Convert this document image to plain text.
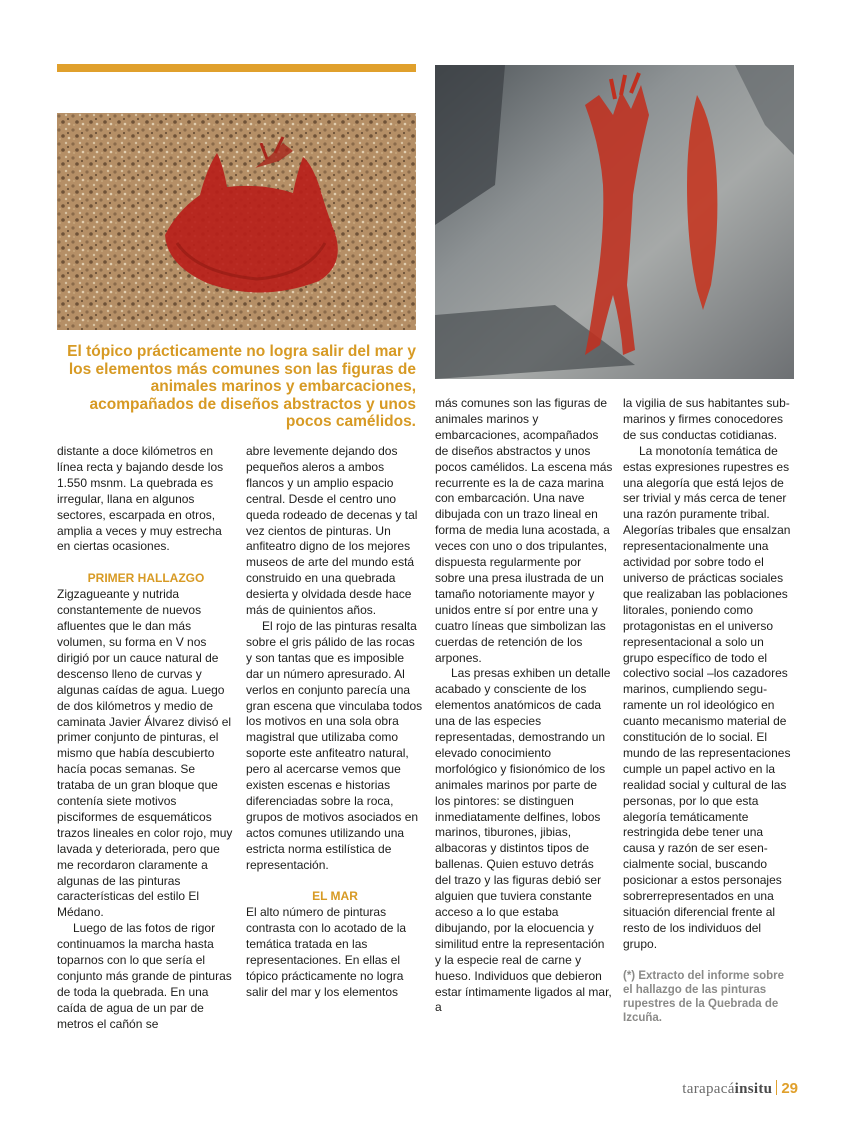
El tópico prácticamente no logra salir del mar y los elementos más comunes son las figuras de animales marinos y embarcaciones, acompañados de diseños abstractos y unos pocos camélidos.

distante a doce kilómetros en línea recta y bajando desde los 1.550 msnm. La quebrada es irregular, llana en algunos sectores, escarpada en otros, amplia a veces y muy estrecha en ciertas ocasiones.

PRIMER HALLAZGO

Zigzagueante y nutrida constantemente de nuevos afluentes que le dan más volumen, su forma en V nos dirigió por un cauce natural de descenso lleno de curvas y algunas caídas de agua. Luego de dos kilómetros y medio de caminata Javier Álvarez divisó el primer conjunto de pinturas, el mismo que había descubierto hacía pocas semanas. Se trataba de un gran bloque que contenía siete motivos pisciformes de esquemáticos trazos lineales en color rojo, muy lavada y deteriorada, pero que me recordaron claramente a algunas de las pinturas características del estilo El Médano.

Luego de las fotos de rigor continuamos la marcha hasta toparnos con lo que sería el conjunto más grande de pinturas de toda la quebrada. En una caída de agua de un par de metros el cañón se

abre levemente dejando dos pequeños aleros a ambos flancos y un amplio espacio central. Desde el centro uno queda rodeado de decenas y tal vez cientos de pinturas. Un anfiteatro digno de los mejores museos de arte del mundo está construido en una quebrada desierta y olvidada desde hace más de quinientos años.

El rojo de las pinturas resalta sobre el gris pálido de las rocas y son tantas que es imposible dar un número apresurado. Al verlos en conjunto parecía una gran escena que vinculaba todos los motivos en una sola obra magistral que utilizaba como soporte este anfiteatro natural, pero al acercarse vemos que existen escenas e historias diferenciadas sobre la roca, grupos de motivos asociados en actos comunes utilizando una estricta norma estilística de representación.

EL MAR

El alto número de pinturas contrasta con lo acotado de la temática tratada en las representaciones. En ellas el tópico prácticamente no logra salir del mar y los elementos

más comunes son las figuras de animales marinos y embarcaciones, acompañados de diseños abstractos y unos pocos camélidos. La escena más recurrente es la de caza marina con embarcación. Una nave dibujada con un trazo lineal en forma de media luna acostada, a veces con uno o dos tripulantes, dispuesta regularmente por sobre una presa ilustrada de un tamaño notoriamente mayor y unidos entre sí por entre una y cuatro líneas que simbolizan las cuerdas de retención de los arpones.

Las presas exhiben un detalle acabado y consciente de los elementos anatómicos de cada una de las especies representadas, demostrando un elevado conocimiento morfológico y fisionómico de los animales marinos por parte de los pintores: se distinguen inmediatamente delfines, lobos marinos, tiburones, jibias, albacoras y distintos tipos de ballenas. Quien estuvo detrás del trazo y las figuras debió ser alguien que tuviera constante acceso a lo que estaba dibujando, por la elocuencia y similitud entre la representación y la especie real de carne y hueso. Individuos que debieron estar íntimamente ligados al mar, a

la vigilia de sus habitantes submarinos y firmes conocedores de sus conductas cotidianas.

La monotonía temática de estas expresiones rupestres es una alegoría que está lejos de ser trivial y más cerca de tener una razón puramente tribal. Alegorías tribales que ensalzan representacionalmente una actividad por sobre todo el universo de prácticas sociales que realizaban las poblaciones litorales, poniendo como protagonistas en el universo representacional a solo un grupo específico de todo el colectivo social –los cazadores marinos, cumpliendo seguramente un rol ideológico en cuanto mecanismo material de constitución de lo social. El mundo de las representaciones cumple un papel activo en la realidad social y cultural de las personas, por lo que esta alegoría temáticamente restringida debe tener una causa y razón de ser esencialmente social, buscando posicionar a estos personajes sobrerrepresentados en una situación diferencial frente al resto de los individuos del grupo.

(*) Extracto del informe sobre el hallazgo de las pinturas rupestres de la Quebrada de Izcuña.

tarapacáinsitu 29
